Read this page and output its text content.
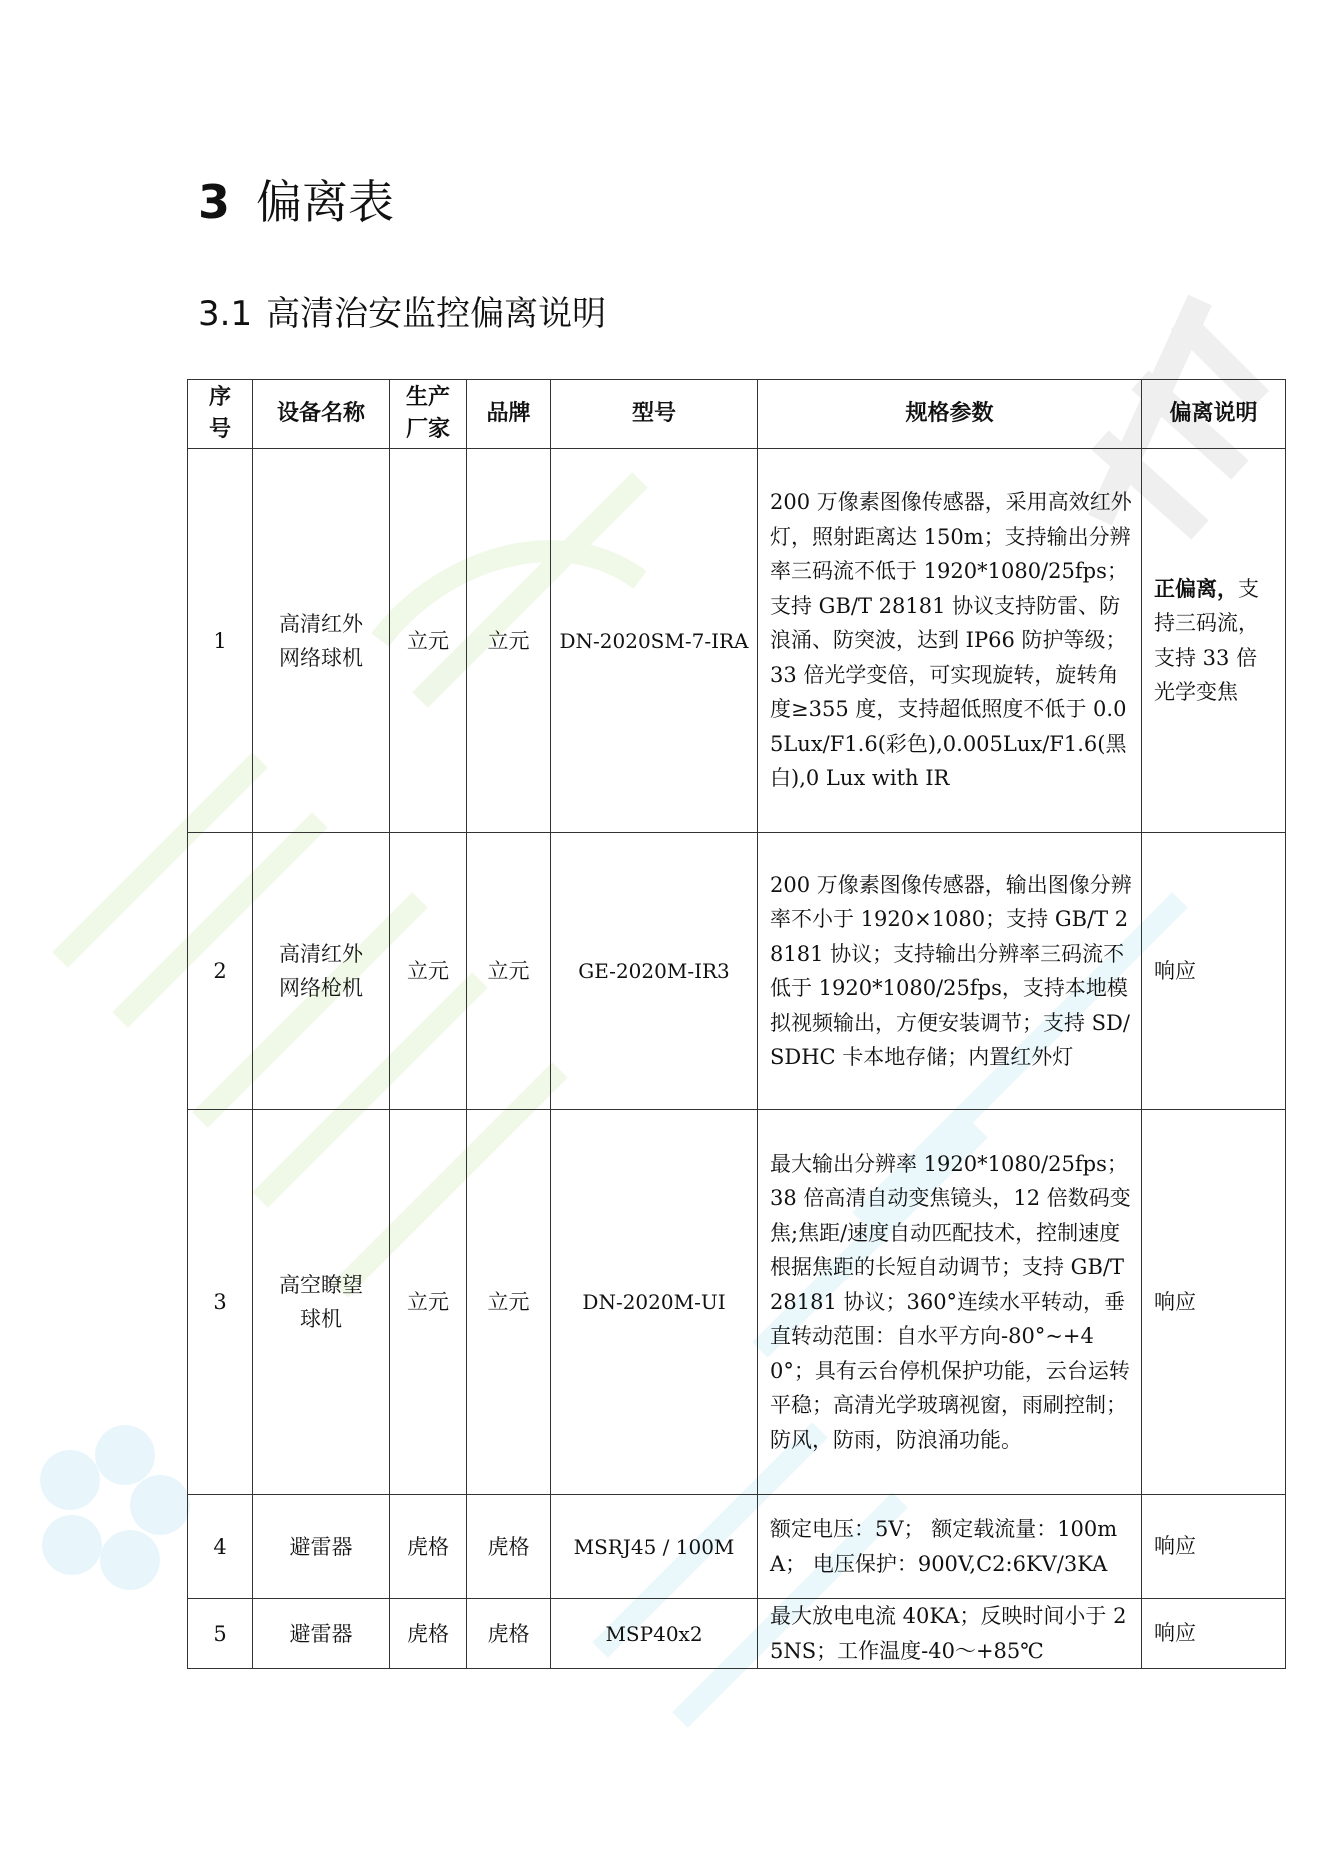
3 偏离表
3.1 高清治安监控偏离说明
序号	设备名称	生产厂家	品牌	型号	规格参数	偏离说明
1	高清红外网络球机	立元	立元	DN-2020SM-7-IRA	200 万像素图像传感器，采用高效红外灯，照射距离达 150m；支持输出分辨率三码流不低于 1920*1080/25fps；支持 GB/T 28181 协议支持防雷、防浪涌、防突波，达到 IP66 防护等级；33 倍光学变倍，可实现旋转，旋转角度≥355 度，支持超低照度不低于 0.05Lux/F1.6(彩色),0.005Lux/F1.6(黑白),0 Lux with IR	正偏离，支持三码流，支持 33 倍光学变焦
2	高清红外网络枪机	立元	立元	GE-2020M-IR3	200 万像素图像传感器，输出图像分辨率不小于 1920×1080；支持 GB/T 28181 协议；支持输出分辨率三码流不低于 1920*1080/25fps，支持本地模拟视频输出，方便安装调节；支持 SD/SDHC 卡本地存储；内置红外灯	响应
3	高空瞭望球机	立元	立元	DN-2020M-UI	最大输出分辨率 1920*1080/25fps；38 倍高清自动变焦镜头，12 倍数码变焦;焦距/速度自动匹配技术，控制速度根据焦距的长短自动调节；支持 GB/T 28181 协议；360°连续水平转动，垂直转动范围：自水平方向-80°~+40°；具有云台停机保护功能，云台运转平稳；高清光学玻璃视窗，雨刷控制；防风，防雨，防浪涌功能。	响应
4	避雷器	虎格	虎格	MSRJ45 / 100M	额定电压：5V； 额定载流量：100mA； 电压保护：900V,C2:6KV/3KA	响应
5	避雷器	虎格	虎格	MSP40x2	最大放电电流 40KA；反映时间小于 25NS；工作温度-40～+85℃	响应
